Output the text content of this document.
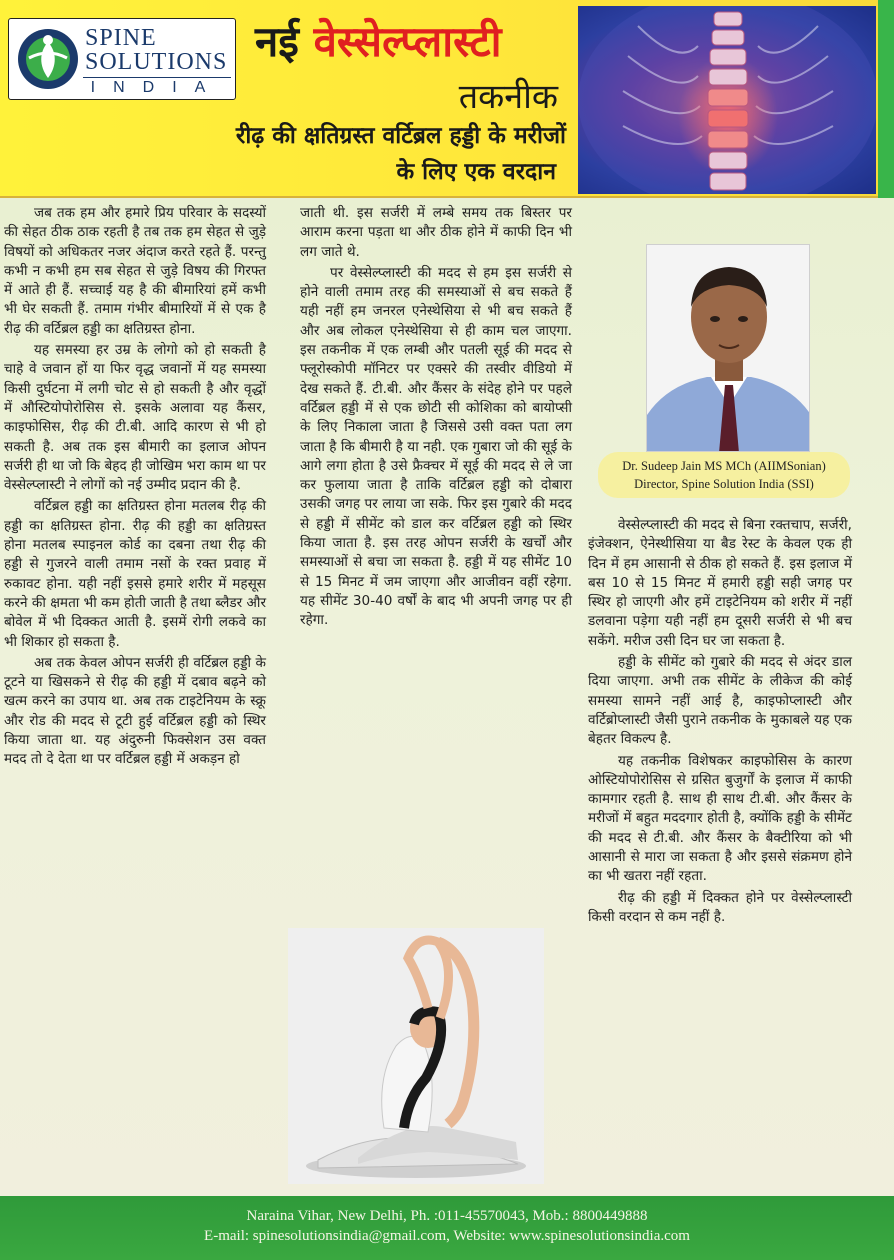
SPINE
SOLUTIONS
INDIA
नई वेस्सेल्प्लास्टी
तकनीक
रीढ़ की क्षतिग्रस्त वर्टिब्रल हड्डी के मरीजों
के लिए एक वरदान

जब तक हम और हमारे प्रिय परिवार के सदस्यों की सेहत ठीक ठाक रहती है तब तक हम सेहत से जुड़े विषयों को अधिकतर नजर अंदाज करते रहते हैं. परन्तु कभी न कभी हम सब सेहत से जुड़े विषय की गिरफ्त में आते ही हैं. सच्चाई यह है की बीमारियां हमें कभी भी घेर सकती हैं. तमाम गंभीर बीमारियों में से एक है रीढ़ की वर्टिब्रल हड्डी का क्षतिग्रस्त होना.

यह समस्या हर उम्र के लोगो को हो सकती है चाहे वे जवान हों या फिर वृद्ध जवानों में यह समस्या किसी दुर्घटना में लगी चोट से हो सकती है और वृद्धों में औस्टियोपोरोसिस से. इसके अलावा यह कैंसर, काइफोसिस, रीढ़ की टी.बी. आदि कारण से भी हो सकती है. अब तक इस बीमारी का इलाज ओपन सर्जरी ही था जो कि बेहद ही जोखिम भरा काम था पर वेस्सेल्प्लास्टी ने लोगों को नई उम्मीद प्रदान की है.

वर्टिब्रल हड्डी का क्षतिग्रस्त होना मतलब रीढ़ की हड्डी का क्षतिग्रस्त होना. रीढ़ की हड्डी का क्षतिग्रस्त होना मतलब स्पाइनल कोर्ड का दबना तथा रीढ़ की हड्डी से गुजरने वाली तमाम नसों के रक्त प्रवाह में रुकावट होना. यही नहीं इससे हमारे शरीर में महसूस करने की क्षमता भी कम होती जाती है तथा ब्लैडर और बोवेल में भी दिक्कत आती है. इसमें रोगी लकवे का भी शिकार हो सकता है.

अब तक केवल ओपन सर्जरी ही वर्टिब्रल हड्डी के टूटने या खिसकने से रीढ़ की हड्डी में दबाव बढ़ने को खत्म करने का उपाय था. अब तक टाइटेनियम के स्क्रू और रोड की मदद से टूटी हुई वर्टिब्रल हड्डी को स्थिर किया जाता था. यह अंदुरुनी फिक्सेशन उस वक्त मदद तो दे देता था पर वर्टिब्रल हड्डी में अकड़न हो

जाती थी. इस सर्जरी में लम्बे समय तक बिस्तर पर आराम करना पड़ता था और ठीक होने में काफी दिन भी लग जाते थे.

पर वेस्सेल्प्लास्टी की मदद से हम इस सर्जरी से होने वाली तमाम तरह की समस्याओं से बच सकते हैं यही नहीं हम जनरल एनेस्थेसिया से भी बच सकते हैं और अब लोकल एनेस्थेसिया से ही काम चल जाएगा. इस तकनीक में एक लम्बी और पतली सूई की मदद से फ्लूरोस्कोपी मॉनिटर पर एक्सरे की तस्वीर वीडियो में देख सकते हैं. टी.बी. और कैंसर के संदेह होने पर पहले वर्टिब्रल हड्डी में से एक छोटी सी कोशिका को बायोप्सी के लिए निकाला जाता है जिससे उसी वक्त पता लग जाता है कि बीमारी है या नही. एक गुबारा जो की सूई के आगे लगा होता है उसे फ्रैक्चर में सूई की मदद से ले जा कर फुलाया जाता है ताकि वर्टिब्रल हड्डी को दोबारा उसकी जगह पर लाया जा सके. फिर इस गुबारे की मदद से हड्डी में सीमेंट को डाल कर वर्टिब्रल हड्डी को स्थिर किया जाता है. इस तरह ओपन सर्जरी के खर्चों और समस्याओं से बचा जा सकता है. हड्डी में यह सीमेंट 10 से 15 मिनट में जम जाएगा और आजीवन वहीं रहेगा. यह सीमेंट 30-40 वर्षों के बाद भी अपनी जगह पर ही रहेगा.

Dr. Sudeep Jain MS MCh (AIIMSonian)
Director, Spine Solution India (SSI)

वेस्सेल्प्लास्टी की मदद से बिना रक्तचाप, सर्जरी, इंजेक्शन, ऐनेस्थीसिया या बैड रेस्ट के केवल एक ही दिन में हम आसानी से ठीक हो सकते हैं. इस इलाज में बस 10 से 15 मिनट में हमारी हड्डी सही जगह पर स्थिर हो जाएगी और हमें टाइटेनियम को शरीर में नहीं डलवाना पड़ेगा यही नहीं हम दूसरी सर्जरी से भी बच सकेंगे. मरीज उसी दिन घर जा सकता है.

हड्डी के सीमेंट को गुबारे की मदद से अंदर डाल दिया जाएगा. अभी तक सीमेंट के लीकेज की कोई समस्या सामने नहीं आई है, काइफोप्लास्टी और वर्टिब्रोप्लास्टी जैसी पुराने तकनीक के मुकाबले यह एक बेहतर विकल्प है.

यह तकनीक विशेषकर काइफोसिस के कारण ओस्टियोपोरोसिस से ग्रसित बुजुर्गों के इलाज में काफी कामगार रहती है. साथ ही साथ टी.बी. और कैंसर के मरीजों में बहुत मददगार होती है, क्योंकि हड्डी के सीमेंट की मदद से टी.बी. और कैंसर के बैक्टीरिया को भी आसानी से मारा जा सकता है और इससे संक्रमण होने का भी खतरा नहीं रहता.

रीढ़ की हड्डी में दिक्कत होने पर वेस्सेल्प्लास्टी किसी वरदान से कम नहीं है.

Naraina Vihar, New Delhi, Ph. :011-45570043, Mob.: 8800449888
E-mail: spinesolutionsindia@gmail.com, Website: www.spinesolutionsindia.com
